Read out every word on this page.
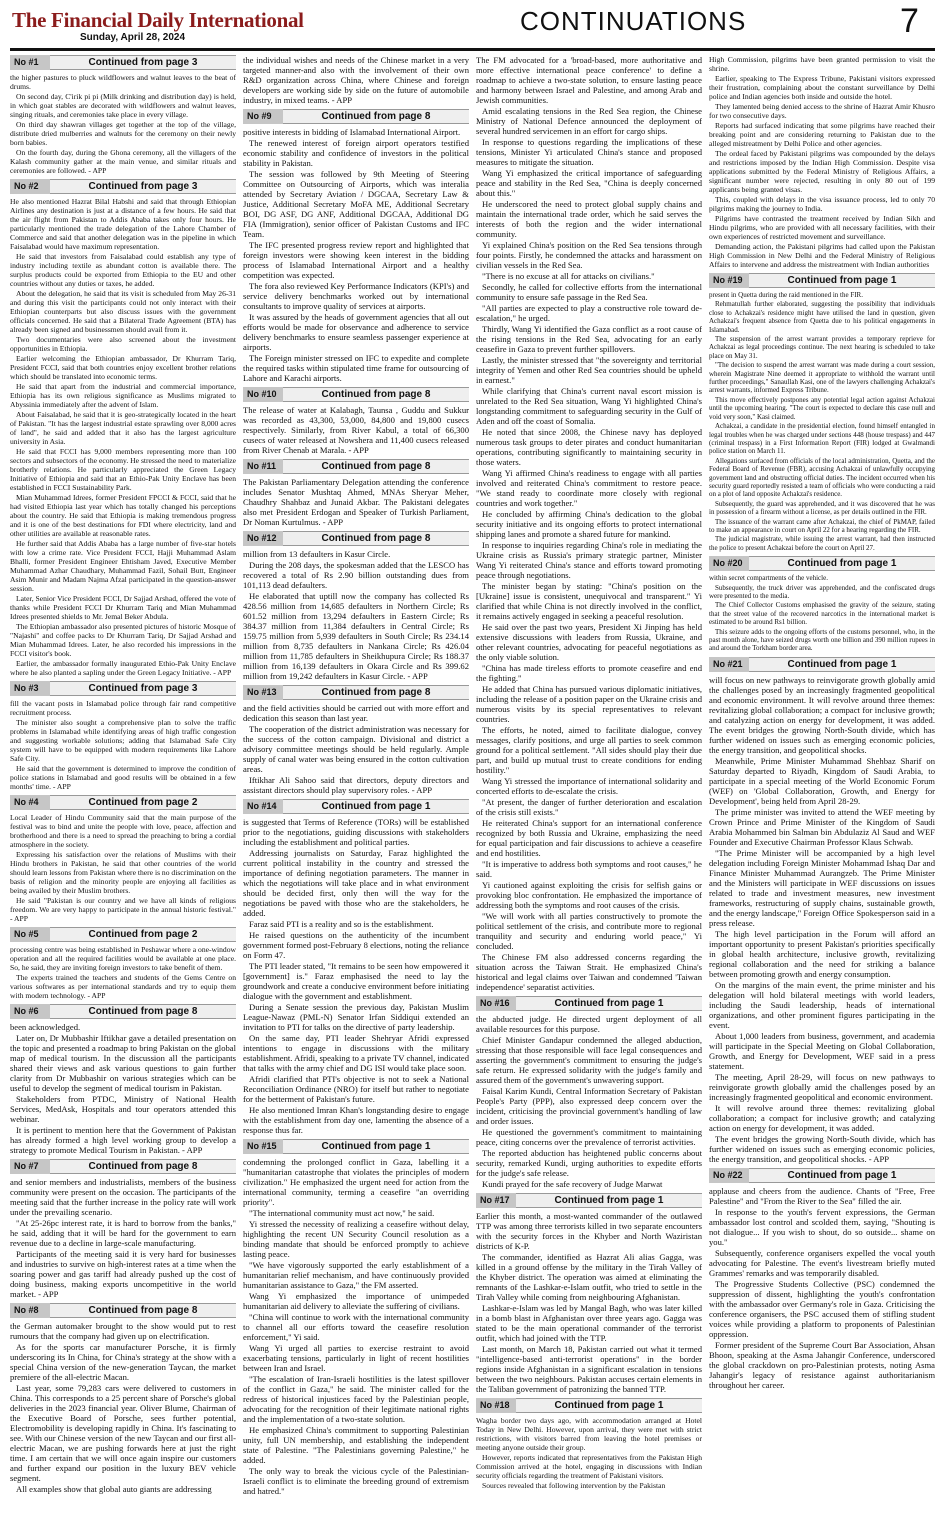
The Financial Daily International
Sunday, April 28, 2024
CONTINUATIONS	7
No #1	Continued from page 3

the higher pastures to pluck wildflowers and walnut leaves to the beat of drums.

On second day, C'irik pi pi (Milk drinking and distribution day) is held, in which goat stables are decorated with wildflowers and walnut leaves, singing rituals, and ceremonies take place in every village.

On third day shawran villages get together at the top of the village, distribute dried mulberries and walnuts for the ceremony on their newly born babies.

On the fourth day, during the Ghona ceremony, all the villagers of the Kalash community gather at the main venue, and similar rituals and ceremonies are followed. - APP

No #2	Continued from page 3

He also mentioned Hazrat Bilal Habshi and said that through Ethiopian Airlines any destination is just at a distance of a few hours. He said that the air flight from Pakistan to Addis Ababa takes only four hours. He particularly mentioned the trade delegation of the Lahore Chamber of Commerce and said that another delegation was in the pipeline in which Faisalabad would have maximum representation.

He said that investors from Faisalabad could establish any type of industry including textile as abundant cotton is available there. The surplus products could be exported from Ethiopia to the EU and other countries without any duties or taxes, he added.

About the delegation, he said that its visit is scheduled from May 26-31 and during this visit the participants could not only interact with their Ethiopian counterparts but also discuss issues with the government officials concerned. He said that a Bilateral Trade Agreement (BTA) has already been signed and businessmen should avail from it.

Two documentaries were also screened about the investment opportunities in Ethiopia.

Earlier welcoming the Ethiopian ambassador, Dr Khurram Tariq, President FCCI, said that both countries enjoy excellent brother relations which should be translated into economic terms.

He said that apart from the industrial and commercial importance, Ethiopia has its own religious significance as Muslims migrated to Abyssinia immediately after the advent of Islam.

About Faisalabad, he said that it is geo-strategically located in the heart of Pakistan. "It has the largest industrial estate sprawling over 8,000 acres of land", he said and added that it also has the largest agriculture university in Asia.

He said that FCCI has 9,000 members representing more than 100 sectors and subsectors of the economy. He stressed the need to materialize brotherly relations. He particularly appreciated the Green Legacy Initiative of Ethiopia and said that an Ethio-Pak Unity Enclave has been established in FCCI Sustainability Park.

Mian Muhammad Idrees, former President FPCCI & FCCI, said that he had visited Ethiopia last year which has totally changed his perceptions about the country. He said that Ethiopia is making tremendous progress and it is one of the best destinations for FDI where electricity, land and other utilities are available at reasonable rates.

He further said that Addis Ababa has a large number of five-star hotels with low a crime rate. Vice President FCCI, Hajji Muhammad Aslam Bhalli, former President Engineer Ehtisham Javed, Executive Member Muhammad Azhar Chaudhary, Muhammad Fazil, Sohail Butt, Engineer Asim Munir and Madam Najma Afzal participated in the question-answer session.

Later, Senior Vice President FCCI, Dr Sajjad Arshad, offered the vote of thanks while President FCCI Dr Khurram Tariq and Mian Muhammad Idrees presented shields to Mr. Jemal Beker Abdula.

The Ethiopian ambassador also presented pictures of historic Mosque of "Najashi" and coffee packs to Dr Khurram Tariq, Dr Sajjad Arshad and Mian Muhammad Idrees. Later, he also recorded his impressions in the FCCI visitor's book.

Earlier, the ambassador formally inaugurated Ethio-Pak Unity Enclave where he also planted a sapling under the Green Legacy Initiative. - APP

No #3	Continued from page 3

fill the vacant posts in Islamabad police through fair rand competitive recruitment process.

The minister also sought a comprehensive plan to solve the traffic problems in Islamabad while identifying areas of high traffic congestion and suggesting workable solutions; adding that Islamabad Safe City system will have to be equipped with modern requirements like Lahore Safe City.

He said that the government is determined to improve the condition of police stations in Islamabad and good results will be obtained in a few months' time. - APP

No #4	Continued from page 2

Local Leader of Hindu Community said that the main purpose of the festival was to bind and unite the people with love, peace, affection and brotherhood and there is a need to spread the preaching to bring a cordial atmosphere in the society.

Expressing his satisfaction over the relations of Muslims with their Hindu brothers in Pakistan, he said that other countries of the world should learn lessons from Pakistan where there is no discrimination on the basis of religion and the minority people are enjoying all facilities as being availed by their Muslim brothers.

He said "Pakistan is our country and we have all kinds of religious freedom. We are very happy to participate in the annual historic festival." - APP

No #5	Continued from page 2

processing centre was being established in Peshawar where a one-window operation and all the required facilities would be available at one place. So, he said, they are inviting foreign investors to take benefit of them.

The experts trained the teachers and students of the Gems Centre on various softwares as per international standards and try to equip them with modern technology. - APP

No #6	Continued from page 8

been acknowledged.

Later on, Dr Mubbashir Iftikhar gave a detailed presentation on the topic and presented a roadmap to bring Pakistan on the global map of medical tourism. In the discussion all the participants shared their views and ask various questions to gain further clarity from Dr Mubbashir on various strategies which can be useful to develop the segment of medical tourism in Pakistan.

Stakeholders from PTDC, Ministry of National Health Services, MedAsk, Hospitals and tour operators attended this webinar.

It is pertinent to mention here that the Government of Pakistan has already formed a high level working group to develop a strategy to promote Medical Tourism in Pakistan. - APP

No #7	Continued from page 8

and senior members and industrialists, members of the business community were present on the occasion. The participants of the meeting said that the further increase in the policy rate will work under the prevailing scenario.

"At 25-26pc interest rate, it is hard to borrow from the banks," he said, adding that it will be hard for the government to earn revenue due to a decline in large-scale manufacturing.

Participants of the meeting said it is very hard for businesses and industries to survive on high-interest rates at a time when the soaring power and gas tariff had already pushed up the cost of doing business, making exports uncompetitive in the world market. - APP

No #8	Continued from page 8

the German automaker brought to the show would put to rest rumours that the company had given up on electrification.

As for the sports car manufacturer Porsche, it is firmly underscoring its In China, for China's strategy at the show with a special China version of the new-generation Taycan, the market premiere of the all-electric Macan.

Last year, some 79,283 cars were delivered to customers in China. This corresponds to a 25 percent share of Porsche's global deliveries in the 2023 financial year. Oliver Blume, Chairman of the Executive Board of Porsche, sees further potential, Electromobility is developing rapidly in China. It's fascinating to see. With our Chinese version of the new Taycan and our first all-electric Macan, we are pushing forwards here at just the right time. I am certain that we will once again inspire our customers and further expand our position in the luxury BEV vehicle segment.

All examples show that global auto giants are addressing

the individual wishes and needs of the Chinese market in a very targeted manner-and also with the involvement of their own R&D organization across China, where Chinese and foreign developers are working side by side on the future of automobile industry, in mixed teams. - APP

No #9	Continued from page 8

positive interests in bidding of Islamabad International Airport.

The renewed interest of foreign airport operators testified economic stability and confidence of investors in the political stability in Pakistan.

The session was followed by 9th Meeting of Steering Committee on Outsourcing of Airports, which was interalia attended by Secretary Aviation / DGCAA, Secretary Law & Justice, Additional Secretary MoFA ME, Additional Secretary BOI, DG ASF, DG ANF, Additional DGCAA, Additional DG FIA (Immigration), senior officer of Pakistan Customs and IFC Team.

The IFC presented progress review report and highlighted that foreign investors were showing keen interest in the bidding process of Islamabad International Airport and a healthy competition was expected.

The fora also reviewed Key Performance Indicators (KPI's) and service delivery benchmarks worked out by international consultants to improve quality of services at airports.

It was assured by the heads of government agencies that all out efforts would be made for observance and adherence to service delivery benchmarks to ensure seamless passenger experience at airports.

The Foreign minister stressed on IFC to expedite and complete the required tasks within stipulated time frame for outsourcing of Lahore and Karachi airports.

No #10	Continued from page 8

The release of water at Kalabagh, Taunsa , Guddu and Sukkur was recorded as 43,300, 53,000, 84,800 and 19,800 cusecs respectively. Similarly, from River Kabul, a total of 66,300 cusecs of water released at Nowshera and 11,400 cusecs released from River Chenab at Marala. - APP

No #11	Continued from page 8

The Pakistan Parliamentary Delegation attending the conference includes Senator Mushtaq Ahmed, MNAs Sheryar Meher, Chaudhry Shahbaz and Junaid Akbar. The Pakistani delegates also met President Erdogan and Speaker of Turkish Parliament, Dr Noman Kurtulmus. - APP

No #12	Continued from page 8

million from 13 defaulters in Kasur Circle.

During the 208 days, the spokesman added that the LESCO has recovered a total of Rs 2.90 billion outstanding dues from 101,113 dead defaulters.

He elaborated that uptill now the company has collected Rs 428.56 million from 14,685 defaulters in Northern Circle; Rs 601.52 million from 13,294 defaulters in Eastern Circle; Rs 384.37 million from 11,384 defaulters in Central Circle; Rs 159.75 million from 5,939 defaulters in South Circle; Rs 234.14 million from 8,735 defaulters in Nankana Circle; Rs 426.04 million from 11,785 defaulters in Sheikhupura Circle; Rs 188.37 million from 16,139 defaulters in Okara Circle and Rs 399.62 million from 19,242 defaulters in Kasur Circle. - APP

No #13	Continued from page 8

and the field activities should be carried out with more effort and dedication this season than last year.

The cooperation of the district administration was necessary for the success of the cotton campaign. Divisional and district a advisory committee meetings should be held regularly. Ample supply of canal water was being ensured in the cotton cultivation areas.

Iftikhar Ali Sahoo said that directors, deputy directors and assistant directors should play supervisory roles. - APP

No #14	Continued from page 1

is suggested that Terms of Reference (TORs) will be established prior to the negotiations, guiding discussions with stakeholders including the establishment and political parties.

Addressing journalists on Saturday, Faraz highlighted the current political instability in the country and stressed the importance of defining negotiation parameters. The manner in which the negotiations will take place and in what environment should be decided first, only then will the way for the negotiations be paved with those who are the stakeholders, he added.

Faraz said PTI is a reality and so is the establishment.

He raised questions on the authenticity of the incumbent government formed post-February 8 elections, noting the reliance on Form 47.

The PTI leader stated, "It remains to be seen how empowered it [government] is." Faraz emphasised the need to lay the groundwork and create a conducive environment before initiating dialogue with the government and establishment.

During a Senate session the previous day, Pakistan Muslim League-Nawaz (PML-N) Senator Irfan Siddiqui extended an invitation to PTI for talks on the directive of party leadership.

On the same day, PTI leader Shehryar Afridi expressed intentions to engage in discussions with the military establishment. Afridi, speaking to a private TV channel, indicated that talks with the army chief and DG ISI would take place soon.

Afridi clarified that PTI's objective is not to seek a National Reconciliation Ordinance (NRO) for itself but rather to negotiate for the betterment of Pakistan's future.

He also mentioned Imran Khan's longstanding desire to engage with the establishment from day one, lamenting the absence of a response thus far.

No #15	Continued from page 1

condemning the prolonged conflict in Gaza, labelling it a "humanitarian catastrophe that violates the principles of modern civilization." He emphasized the urgent need for action from the international community, terming a ceasefire "an overriding priority".

"The international community must act now," he said.

Yi stressed the necessity of realizing a ceasefire without delay, highlighting the recent UN Security Council resolution as a binding mandate that should be enforced promptly to achieve lasting peace.

"We have vigorously supported the early establishment of a humanitarian relief mechanism, and have continuously provided humanitarian assistance to Gaza," the FM asserted.

Wang Yi emphasized the importance of unimpeded humanitarian aid delivery to alleviate the suffering of civilians.

"China will continue to work with the international community to channel all our efforts toward the ceasefire resolution enforcement," Yi said.

Wang Yi urged all parties to exercise restraint to avoid exacerbating tensions, particularly in light of recent hostilities between Iran and Israel.

"The escalation of Iran-Israeli hostilities is the latest spillover of the conflict in Gaza," he said. The minister called for the redress of historical injustices faced by the Palestinian people, advocating for the recognition of their legitimate national rights and the implementation of a two-state solution.

He emphasized China's commitment to supporting Palestinian unity, full UN membership, and establishing the independent state of Palestine. "The Palestinians governing Palestine," he added.

The only way to break the vicious cycle of the Palestinian-Israeli conflict is to eliminate the breeding ground of extremism and hatred."

The FM advocated for a 'broad-based, more authoritative and more effective international peace conference' to define a roadmap to achieve a two-state solution, to ensure lasting peace and harmony between Israel and Palestine, and among Arab and Jewish communities.

Amid escalating tensions in the Red Sea region, the Chinese Ministry of National Defence announced the deployment of several hundred servicemen in an effort for cargo ships.

In response to questions regarding the implications of these tensions, Minister Yi articulated China's stance and proposed measures to mitigate the situation.

Wang Yi emphasized the critical importance of safeguarding peace and stability in the Red Sea, "China is deeply concerned about this."

He underscored the need to protect global supply chains and maintain the international trade order, which he said serves the interests of both the region and the wider international community.

Yi explained China's position on the Red Sea tensions through four points. Firstly, he condemned the attacks and harassment on civilian vessels in the Red Sea.

"There is no excuse at all for attacks on civilians."

Secondly, he called for collective efforts from the international community to ensure safe passage in the Red Sea.

"All parties are expected to play a constructive role toward de-escalation," he urged.

Thirdly, Wang Yi identified the Gaza conflict as a root cause of the rising tensions in the Red Sea, advocating for an early ceasefire in Gaza to prevent further spillovers.

Lastly, the minister stressed that "the sovereignty and territorial integrity of Yemen and other Red Sea countries should be upheld in earnest."

While clarifying that China's current naval escort mission is unrelated to the Red Sea situation, Wang Yi highlighted China's longstanding commitment to safeguarding security in the Gulf of Aden and off the coast of Somalia.

He noted that since 2008, the Chinese navy has deployed numerous task groups to deter pirates and conduct humanitarian operations, contributing significantly to maintaining security in those waters.

Wang Yi affirmed China's readiness to engage with all parties involved and reiterated China's commitment to restore peace. "We stand ready to coordinate more closely with regional countries and work together."

He concluded by affirming China's dedication to the global security initiative and its ongoing efforts to protect international shipping lanes and promote a shared future for mankind.

In response to inquiries regarding China's role in mediating the Ukraine crisis as Russia's primary strategic partner, Minister Wang Yi reiterated China's stance and efforts toward promoting peace through negotiations.

The minister began by stating: "China's position on the [Ukraine] issue is consistent, unequivocal and transparent." Yi clarified that while China is not directly involved in the conflict, it remains actively engaged in seeking a peaceful resolution.

He said over the past two years, President Xi Jinping has held extensive discussions with leaders from Russia, Ukraine, and other relevant countries, advocating for peaceful negotiations as the only viable solution.

"China has made tireless efforts to promote ceasefire and end the fighting."

He added that China has pursued various diplomatic initiatives, including the release of a position paper on the Ukraine crisis and numerous visits by its special representatives to relevant countries.

The efforts, he noted, aimed to facilitate dialogue, convey messages, clarify positions, and urge all parties to seek common ground for a political settlement. "All sides should play their due part, and build up mutual trust to create conditions for ending hostility."

Wang Yi stressed the importance of international solidarity and concerted efforts to de-escalate the crisis.

"At present, the danger of further deterioration and escalation of the crisis still exists."

He reiterated China's support for an international conference recognized by both Russia and Ukraine, emphasizing the need for equal participation and fair discussions to achieve a ceasefire and end hostilities.

"It is imperative to address both symptoms and root causes," he said.

Yi cautioned against exploiting the crisis for selfish gains or provoking bloc confrontation. He emphasized the importance of addressing both the symptoms and root causes of the crisis.

"We will work with all parties constructively to promote the political settlement of the crisis, and contribute more to regional tranquility and security and enduring world peace," Yi concluded.

The Chinese FM also addressed concerns regarding the situation across the Taiwan Strait. He emphasized China's historical and legal claims over Taiwan and condemned 'Taiwan independence' separatist activities.

No #16	Continued from page 1

the abducted judge. He directed urgent deployment of all available resources for this purpose.

Chief Minister Gandapur condemned the alleged abduction, stressing that those responsible will face legal consequences and asserting the government's commitment to ensuring the judge's safe return. He expressed solidarity with the judge's family and assured them of the government's unwavering support.

Faisal Karim Kundi, Central Information Secretary of Pakistan People's Party (PPP), also expressed deep concern over the incident, criticising the provincial government's handling of law and order issues.

He questioned the government's commitment to maintaining peace, citing concerns over the prevalence of terrorist activities.

The reported abduction has heightened public concerns about security, remarked Kundi, urging authorities to expedite efforts for the judge's safe release.

Kundi prayed for the safe recovery of Judge Marwat

No #17	Continued from page 1

Earlier this month, a most-wanted commander of the outlawed TTP was among three terrorists killed in two separate encounters with the security forces in the Khyber and North Waziristan districts of K-P.

The commander, identified as Hazrat Ali alias Gagga, was killed in a ground offense by the military in the Tirah Valley of the Khyber district. The operation was aimed at eliminating the remnants of the Lashkar-e-Islam outfit, who tried to settle in the Tirah Valley while coming from neighbouring Afghanistan.

Lashkar-e-Islam was led by Mangal Bagh, who was later killed in a bomb blast in Afghanistan over three years ago. Gagga was stated to be the main operational commander of the terrorist outfit, which had joined with the TTP.

Last month, on March 18, Pakistan carried out what it termed "intelligence-based anti-terrorist operations" in the border regions inside Afghanistan in a significant escalation in tensions between the two neighbours. Pakistan accuses certain elements in the Taliban government of patronizing the banned TTP.

No #18	Continued from page 1

Wagha border two days ago, with accommodation arranged at Hotel Today in New Delhi. However, upon arrival, they were met with strict restrictions, with visitors barred from leaving the hotel premises or meeting anyone outside their group.

However, reports indicated that representatives from the Pakistan High Commission arrived at the hotel, engaging in discussions with Indian security officials regarding the treatment of Pakistani visitors.

Sources revealed that following intervention by the Pakistan

High Commission, pilgrims have been granted permission to visit the shrine.

Earlier, speaking to The Express Tribune, Pakistani visitors expressed their frustration, complaining about the constant surveillance by Delhi police and Indian agencies both inside and outside the hotel.

They lamented being denied access to the shrine of Hazrat Amir Khusro for two consecutive days.

Reports had surfaced indicating that some pilgrims have reached their breaking point and are considering returning to Pakistan due to the alleged mistreatment by Delhi Police and other agencies.

The ordeal faced by Pakistani pilgrims was compounded by the delays and restrictions imposed by the Indian High Commission. Despite visa applications submitted by the Federal Ministry of Religious Affairs, a significant number were rejected, resulting in only 80 out of 199 applicants being granted visas.

This, coupled with delays in the visa issuance process, led to only 70 pilgrims making the journey to India.

Pilgrims have contrasted the treatment received by Indian Sikh and Hindu pilgrims, who are provided with all necessary facilities, with their own experiences of restricted movement and surveillance.

Demanding action, the Pakistani pilgrims had called upon the Pakistan High Commission in New Delhi and the Federal Ministry of Religious Affairs to intervene and address the mistreatment with Indian authorities

No #19	Continued from page 1

present in Quetta during the raid mentioned in the FIR.

Rehmatullah further elaborated, suggesting the possibility that individuals close to Achakzai's residence might have utilised the land in question, given Achakzai's frequent absence from Quetta due to his political engagements in Islamabad.

The suspension of the arrest warrant provides a temporary reprieve for Achakzai as legal proceedings continue. The next hearing is scheduled to take place on May 31.

"The decision to suspend the arrest warrant was made during a court session, wherein Magistrate Nine deemed it appropriate to withhold the warrant until further proceedings," Sanaullah Kasi, one of the lawyers challenging Achakzai's arrest warrants, informed Express Tribune.

This move effectively postpones any potential legal action against Achakzai until the upcoming hearing. "The court is expected to declare this case null and void very soon," Kasi claimed.

Achakzai, a candidate in the presidential election, found himself entangled in legal troubles when he was charged under sections 448 (house trespass) and 447 (criminal trespass) in a First Information Report (FIR) lodged at Gwalmandi police station on March 11.

Allegations surfaced from officials of the local administration, Quetta, and the Federal Board of Revenue (FBR), accusing Achakzai of unlawfully occupying government land and obstructing official duties. The incident occurred when his security guard reportedly resisted a team of officials who were conducting a raid on a plot of land opposite Achakzai's residence.

Subsequently, the guard was apprehended, and it was discovered that he was in possession of a firearm without a license, as per details outlined in the FIR.

The issuance of the warrant came after Achakzai, the chief of PkMAP, failed to make an appearance in court on April 22 for a hearing regarding the FIR.

The judicial magistrate, while issuing the arrest warrant, had then instructed the police to present Achakzai before the court on April 27.

No #20	Continued from page 1

within secret compartments of the vehicle.

Subsequently, the truck driver was apprehended, and the confiscated drugs were presented to the media.

The Chief Collector Customs emphasised the gravity of the seizure, stating that the street value of the recovered narcotics in the international market is estimated to be around Rs1 billion.

This seizure adds to the ongoing efforts of the customs personnel, who, in the past month alone, have seized drugs worth one billion and 390 million rupees in and around the Torkham border area.

No #21	Continued from page 1

will focus on new pathways to reinvigorate growth globally amid the challenges posed by an increasingly fragmented geopolitical and economic environment. It will revolve around three themes: revitalizing global collaboration; a compact for inclusive growth; and catalyzing action on energy for development, it was added. The event bridges the growing North-South divide, which has further widened on issues such as emerging economic policies, the energy transition, and geopolitical shocks.

Meanwhile, Prime Minister Muhammad Shehbaz Sharif on Saturday departed to Riyadh, Kingdom of Saudi Arabia, to participate in a special meeting of the World Economic Forum (WEF) on 'Global Collaboration, Growth, and Energy for Development', being held from April 28-29.

The prime minister was invited to attend the WEF meeting by Crown Prince and Prime Minister of the Kingdom of Saudi Arabia Mohammed bin Salman bin Abdulaziz Al Saud and WEF Founder and Executive Chairman Professor Klaus Schwab.

"The Prime Minister will be accompanied by a high level delegation including Foreign Minister Mohammad Ishaq Dar and Finance Minister Muhammad Aurangzeb. The Prime Minister and the Ministers will participate in WEF discussions on issues related to trade and investment measures, new investment frameworks, restructuring of supply chains, sustainable growth, and the energy landscape," Foreign Office Spokesperson said in a press release.

The high level participation in the Forum will afford an important opportunity to present Pakistan's priorities specifically in global health architecture, inclusive growth, revitalizing regional collaboration and the need for striking a balance between promoting growth and energy consumption.

On the margins of the main event, the prime minister and his delegation will hold bilateral meetings with world leaders, including the Saudi leadership, heads of international organizations, and other prominent figures participating in the event.

About 1,000 leaders from business, government, and academia will participate in the Special Meeting on Global Collaboration, Growth, and Energy for Development, WEF said in a press statement.

The meeting, April 28-29, will focus on new pathways to reinvigorate growth globally amid the challenges posed by an increasingly fragmented geopolitical and economic environment.

It will revolve around three themes: revitalizing global collaboration; a compact for inclusive growth; and catalyzing action on energy for development, it was added.

The event bridges the growing North-South divide, which has further widened on issues such as emerging economic policies, the energy transition, and geopolitical shocks. - APP

No #22	Continued from page 1

applause and cheers from the audience. Chants of "Free, Free Palestine" and "From the River to the Sea" filled the air.

In response to the youth's fervent expressions, the German ambassador lost control and scolded them, saying, "Shouting is not dialogue... If you wish to shout, do so outside... shame on you."

Subsequently, conference organisers expelled the vocal youth advocating for Palestine. The event's livestream briefly muted Grammes' remarks and was temporarily disabled.

The Progressive Students Collective (PSC) condemned the suppression of dissent, highlighting the youth's confrontation with the ambassador over Germany's role in Gaza. Criticising the conference organisers, the PSC accused them of stifling student voices while providing a platform to proponents of Palestinian oppression.

Former president of the Supreme Court Bar Association, Ahsan Bhoon, speaking at the Asma Jahangir Conference, underscored the global crackdown on pro-Palestinian protests, noting Asma Jahangir's legacy of resistance against authoritarianism throughout her career.
